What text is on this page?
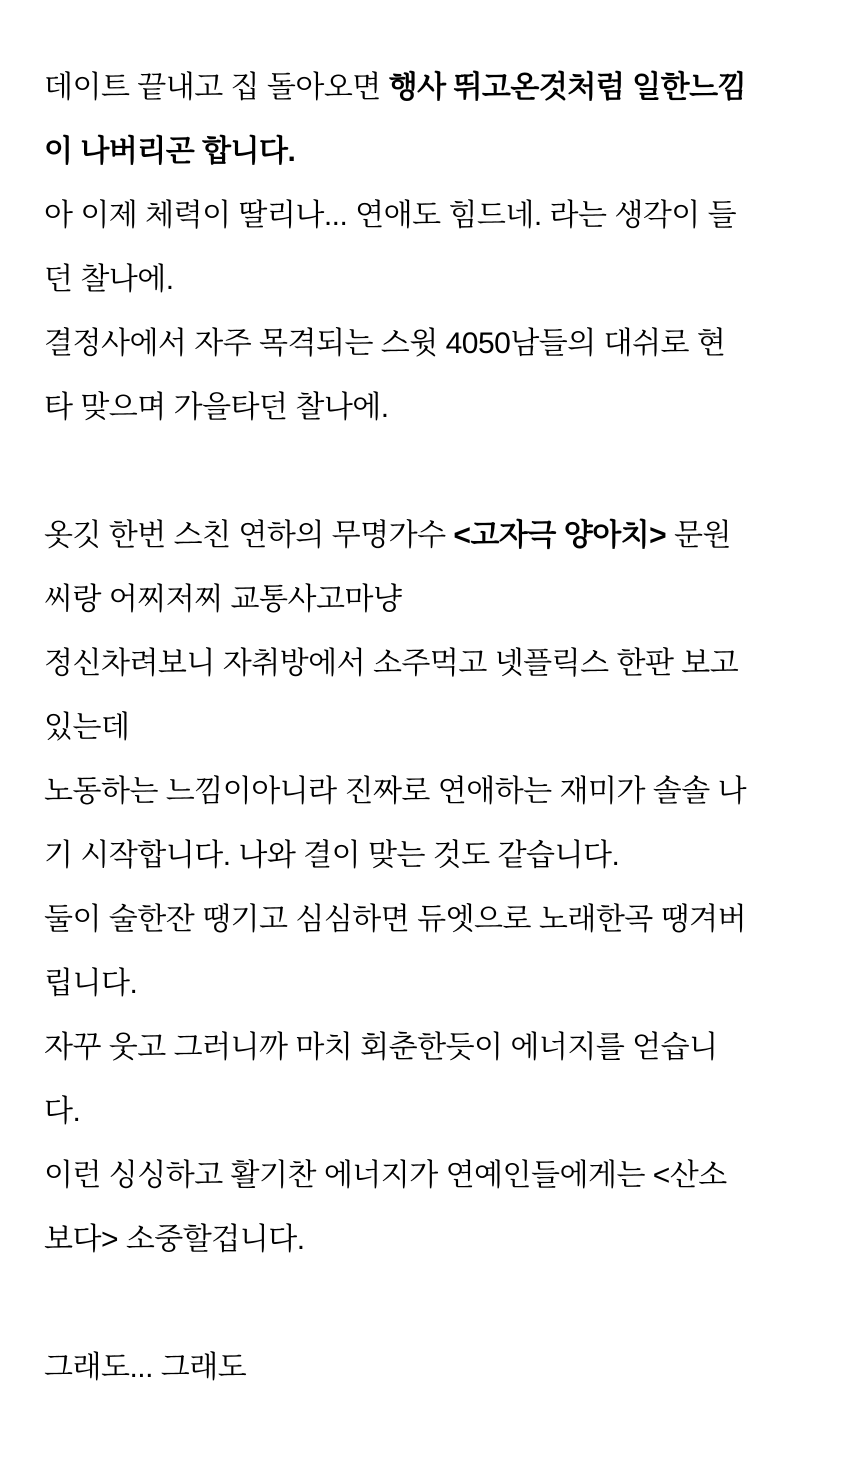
데이트 끝내고 집 돌아오면 행사 뛰고온것처럼 일한느낌
이 나버리곤 합니다.
아 이제 체력이 딸리나... 연애도 힘드네. 라는 생각이 들
던 찰나에.
결정사에서 자주 목격되는 스윗 4050남들의 대쉬로 현
타 맞으며 가을타던 찰나에.
옷깃 한번 스친 연하의 무명가수 <고자극 양아치> 문원
씨랑 어찌저찌 교통사고마냥
정신차려보니 자취방에서 소주먹고 넷플릭스 한판 보고
있는데
노동하는 느낌이아니라 진짜로 연애하는 재미가 솔솔 나
기 시작합니다. 나와 결이 맞는 것도 같습니다.
둘이 술한잔 땡기고 심심하면 듀엣으로 노래한곡 땡겨버
립니다.
자꾸 웃고 그러니까 마치 회춘한듯이 에너지를 얻습니
다.
이런 싱싱하고 활기찬 에너지가 연예인들에게는 <산소
보다> 소중할겁니다.
그래도... 그래도
